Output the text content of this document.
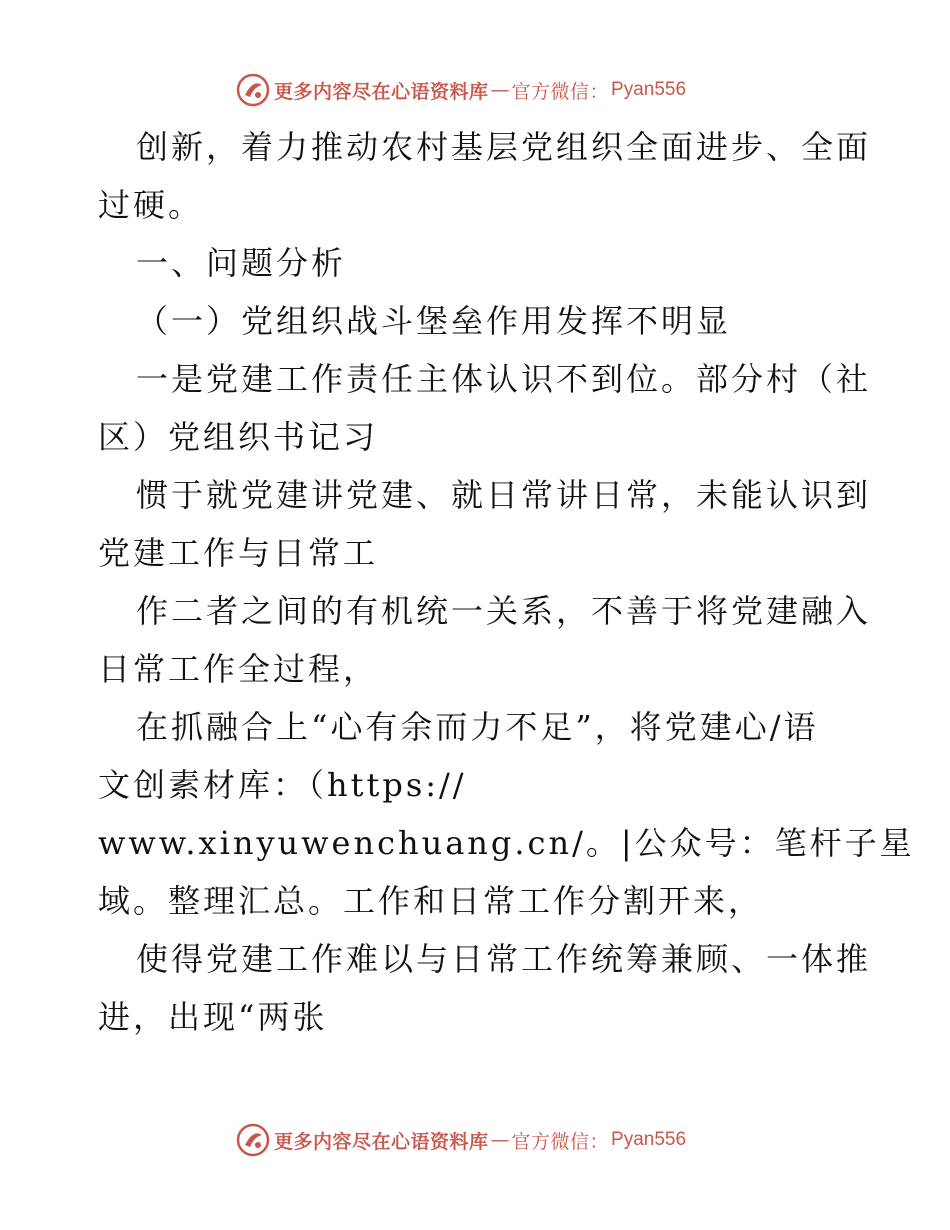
更多内容尽在心语资料库 — 官方微信： Pyan556
创新，着力推动农村基层党组织全面进步、全面
过硬。
一、问题分析
（一）党组织战斗堡垒作用发挥不明显
一是党建工作责任主体认识不到位。部分村（社
区）党组织书记习
惯于就党建讲党建、就日常讲日常，未能认识到
党建工作与日常工
作二者之间的有机统一关系，不善于将党建融入
日常工作全过程，
在抓融合上“心有余而力不足”，将党建心/语
文创素材库：（https://
www.xinyuwenchuang.cn/。|公众号：笔杆子星
域。整理汇总。工作和日常工作分割开来，
使得党建工作难以与日常工作统筹兼顾、一体推
进，出现“两张
更多内容尽在心语资料库 — 官方微信： Pyan556
